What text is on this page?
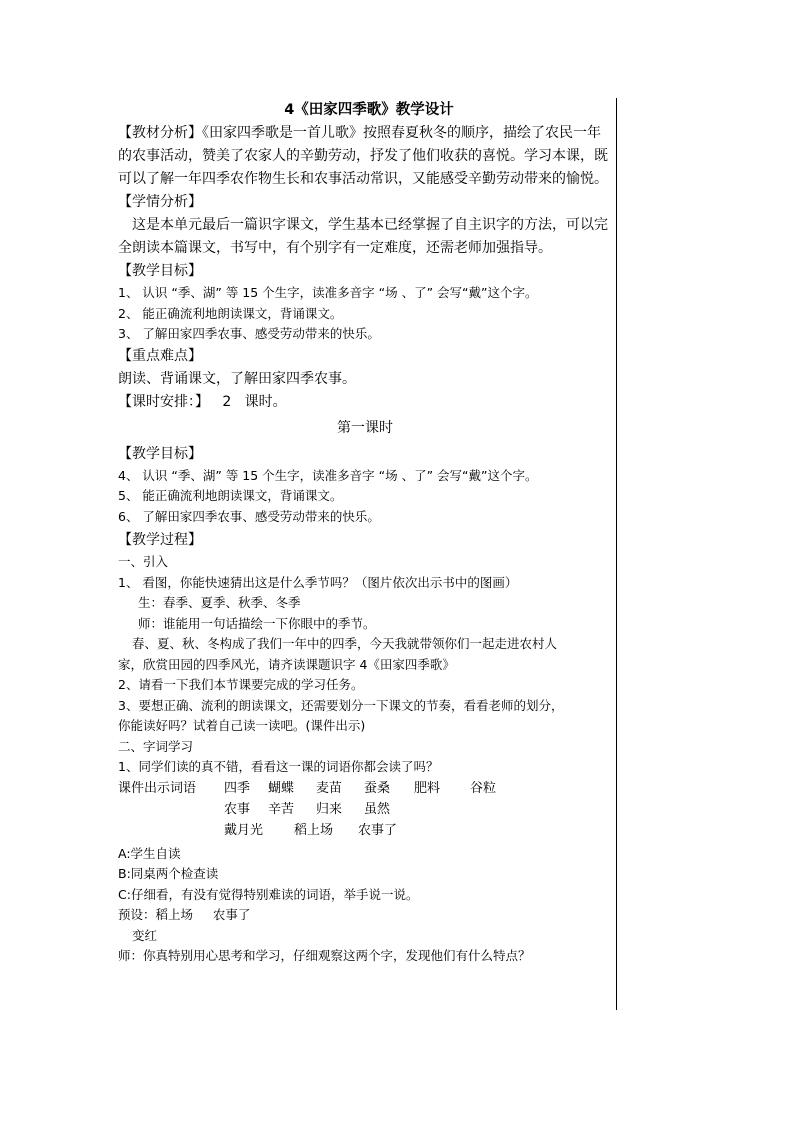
4《田家四季歌》教学设计

【教材分析】《田家四季歌是一首儿歌》按照春夏秋冬的顺序，描绘了农民一年

的农事活动，赞美了农家人的辛勤劳动，抒发了他们收获的喜悦。学习本课，既

可以了解一年四季农作物生长和农事活动常识，又能感受辛勤劳动带来的愉悦。

【学情分析】

这是本单元最后一篇识字课文，学生基本已经掌握了自主识字的方法，可以完

全朗读本篇课文，书写中，有个别字有一定难度，还需老师加强指导。

【教学目标】

1、 认识 “季、湖” 等 15 个生字，读准多音字 “场 、了” 会写“戴”这个字。

2、 能正确流利地朗读课文，背诵课文。

3、 了解田家四季农事、感受劳动带来的快乐。

【重点难点】

朗读、背诵课文，了解田家四季农事。

【课时安排：】   2   课时。

第一课时

【教学目标】

4、 认识 “季、湖” 等 15 个生字，读准多音字 “场 、了” 会写“戴”这个字。

5、 能正确流利地朗读课文，背诵课文。

6、 了解田家四季农事、感受劳动带来的快乐。

【教学过程】

一、引入

1、 看图，你能快速猜出这是什么季节吗？（图片依次出示书中的图画）

生：春季、夏季、秋季、冬季

师：谁能用一句话描绘一下你眼中的季节。

春、夏、秋、冬构成了我们一年中的四季，今天我就带领你们一起走进农村人

家，欣赏田园的四季风光，请齐读课题识字 4《田家四季歌》

2、请看一下我们本节课要完成的学习任务。

3、要想正确、流利的朗读课文，还需要划分一下课文的节奏，看看老师的划分，

你能读好吗？试着自己读一读吧。(课件出示)

二、字词学习

1、同学们读的真不错，看看这一课的词语你都会读了吗？

课件出示词语 四季 蝴蝶 麦苗 蚕桑 肥料 谷粒
农事 辛苦 归来 虽然
戴月光 稻上场 农事了

A:学生自读

B:同桌两个检查读

C:仔细看，有没有觉得特别难读的词语，举手说一说。

预设：稻上场     农事了

变红

师：你真特别用心思考和学习，仔细观察这两个字，发现他们有什么特点？
